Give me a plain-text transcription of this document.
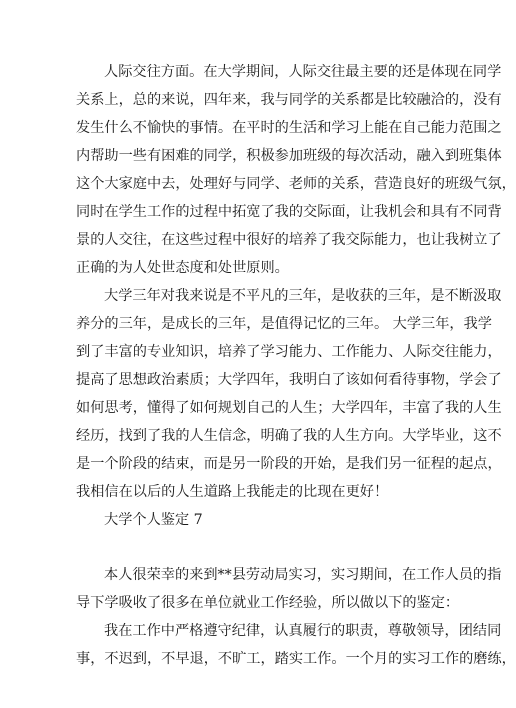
人际交往方面。在大学期间，人际交往最主要的还是体现在同学
关系上，总的来说，四年来，我与同学的关系都是比较融洽的，没有
发生什么不愉快的事情。在平时的生活和学习上能在自己能力范围之
内帮助一些有困难的同学，积极参加班级的每次活动，融入到班集体
这个大家庭中去，处理好与同学、老师的关系，营造良好的班级气氛，
同时在学生工作的过程中拓宽了我的交际面，让我机会和具有不同背
景的人交往，在这些过程中很好的培养了我交际能力，也让我树立了
正确的为人处世态度和处世原则。
大学三年对我来说是不平凡的三年，是收获的三年，是不断汲取
养分的三年，是成长的三年，是值得记忆的三年。 大学三年，我学
到了丰富的专业知识，培养了学习能力、工作能力、人际交往能力，
提高了思想政治素质；大学四年，我明白了该如何看待事物，学会了
如何思考，懂得了如何规划自己的人生；大学四年，丰富了我的人生
经历，找到了我的人生信念，明确了我的人生方向。大学毕业，这不
是一个阶段的结束，而是另一阶段的开始，是我们另一征程的起点，
我相信在以后的人生道路上我能走的比现在更好！
大学个人鉴定 7
本人很荣幸的来到**县劳动局实习，实习期间，在工作人员的指
导下学吸收了很多在单位就业工作经验，所以做以下的鉴定：
我在工作中严格遵守纪律，认真履行的职责，尊敬领导，团结同
事，不迟到，不早退，不旷工，踏实工作。一个月的实习工作的磨练，
